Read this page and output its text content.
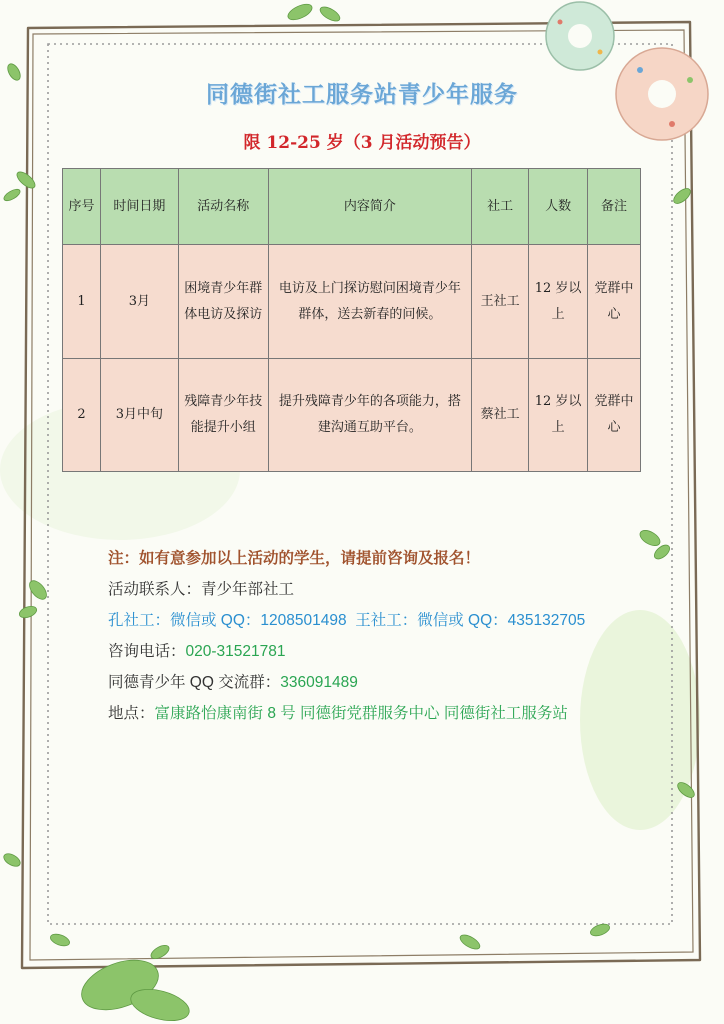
同德街社工服务站青少年服务
限 12-25 岁（3 月活动预告）
序号	时间日期	活动名称	内容简介	社工	人数	备注
1	3月	困境青少年群体电访及探访	电访及上门探访慰问困境青少年群体，送去新春的问候。	王社工	12 岁以上	党群中心
2	3月中旬	残障青少年技能提升小组	提升残障青少年的各项能力，搭建沟通互助平台。	蔡社工	12 岁以上	党群中心
注：如有意参加以上活动的学生，请提前咨询及报名！
活动联系人：青少年部社工
孔社工：微信或 QQ：1208501498 王社工：微信或 QQ：435132705
咨询电话：020-31521781
同德青少年 QQ 交流群：336091489
地点：富康路怡康南街 8 号 同德街党群服务中心 同德街社工服务站
